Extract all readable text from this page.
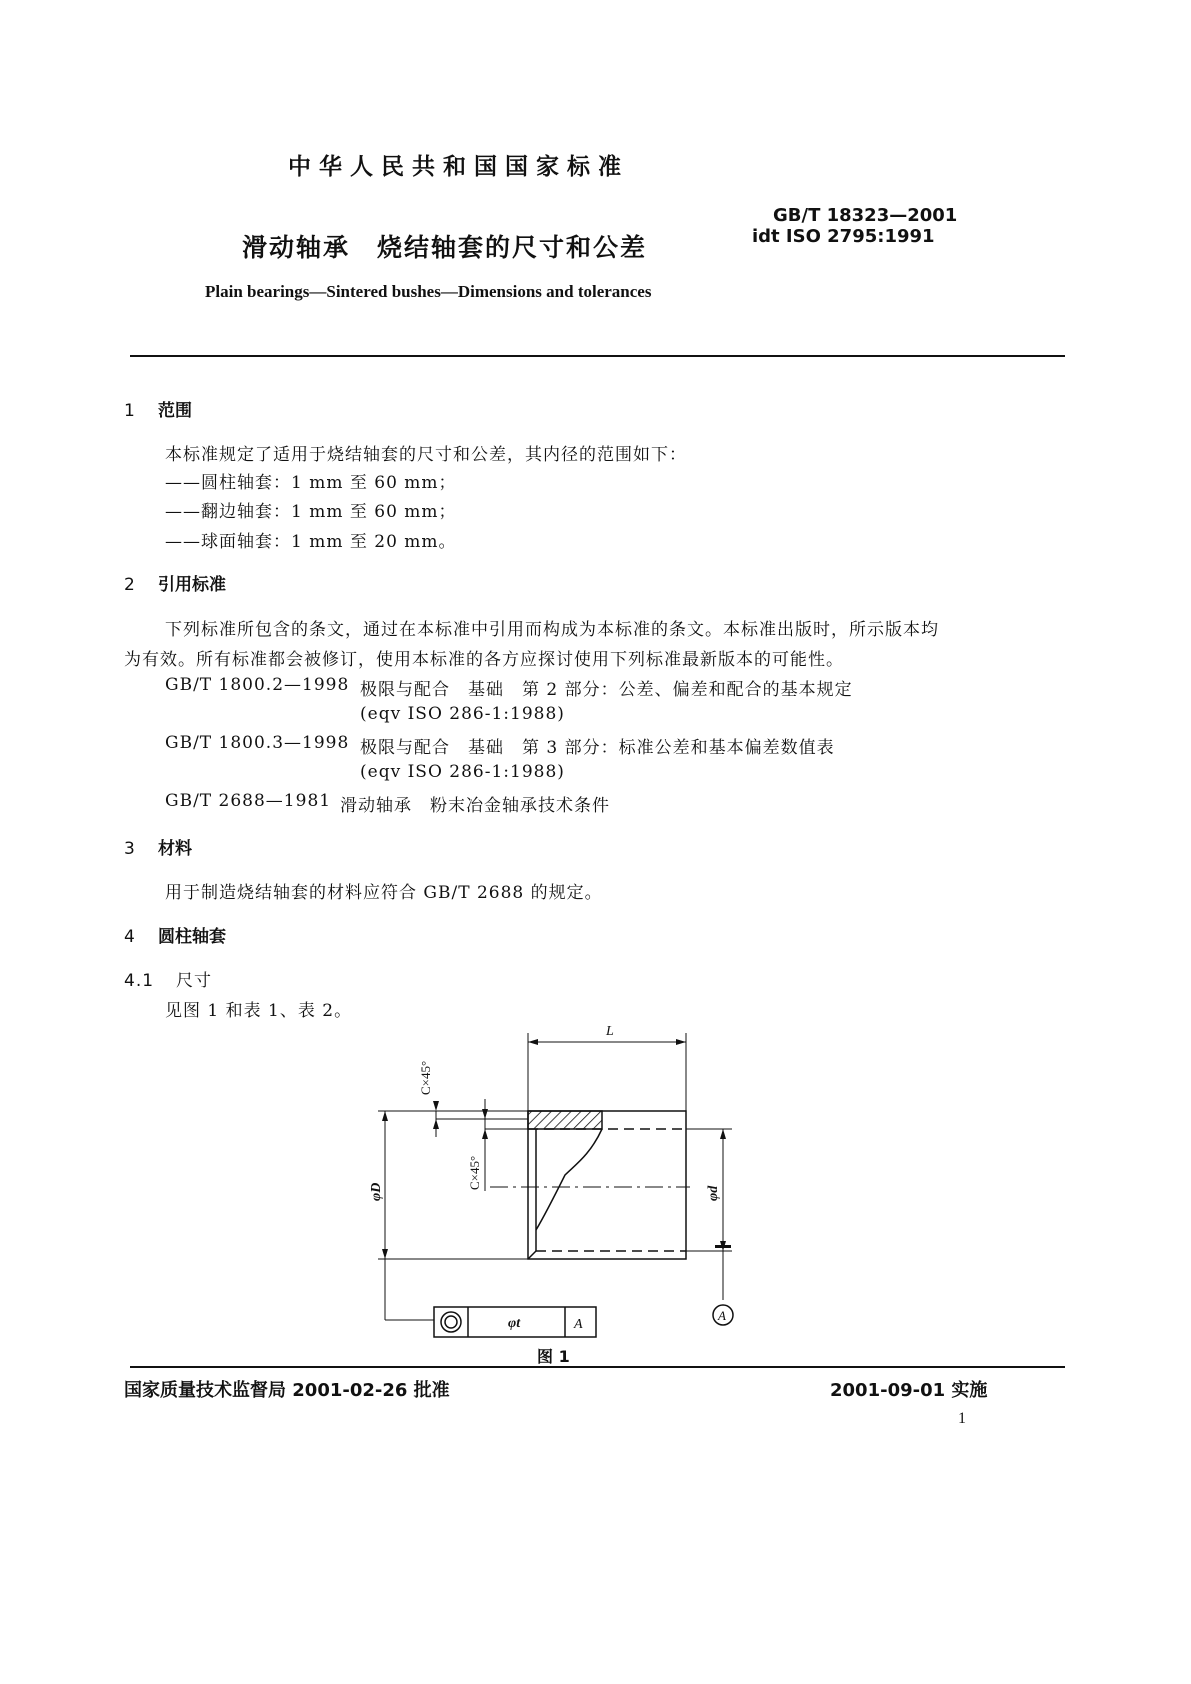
中华人民共和国国家标准
滑动轴承　烧结轴套的尺寸和公差
GB/T 18323—2001
idt ISO 2795:1991
Plain bearings—Sintered bushes—Dimensions and tolerances
1 范围
本标准规定了适用于烧结轴套的尺寸和公差，其内径的范围如下：
——圆柱轴套：1 mm 至 60 mm；
——翻边轴套：1 mm 至 60 mm；
——球面轴套：1 mm 至 20 mm。
2 引用标准
下列标准所包含的条文，通过在本标准中引用而构成为本标准的条文。本标准出版时，所示版本均
为有效。所有标准都会被修订，使用本标准的各方应探讨使用下列标准最新版本的可能性。
GB/T 1800.2—1998 极限与配合　基础　第 2 部分：公差、偏差和配合的基本规定
(eqv ISO 286-1:1988)
GB/T 1800.3—1998 极限与配合　基础　第 3 部分：标准公差和基本偏差数值表
(eqv ISO 286-1:1988)
GB/T 2688—1981 滑动轴承　粉末冶金轴承技术条件
3 材料
用于制造烧结轴套的材料应符合 GB/T 2688 的规定。
4 圆柱轴套
4.1 尺寸
见图 1 和表 1、表 2。
L
C×45°
C×45°
φD	φd
A
φt	A
图 1
国家质量技术监督局 2001-02-26 批准	2001-09-01 实施
1
